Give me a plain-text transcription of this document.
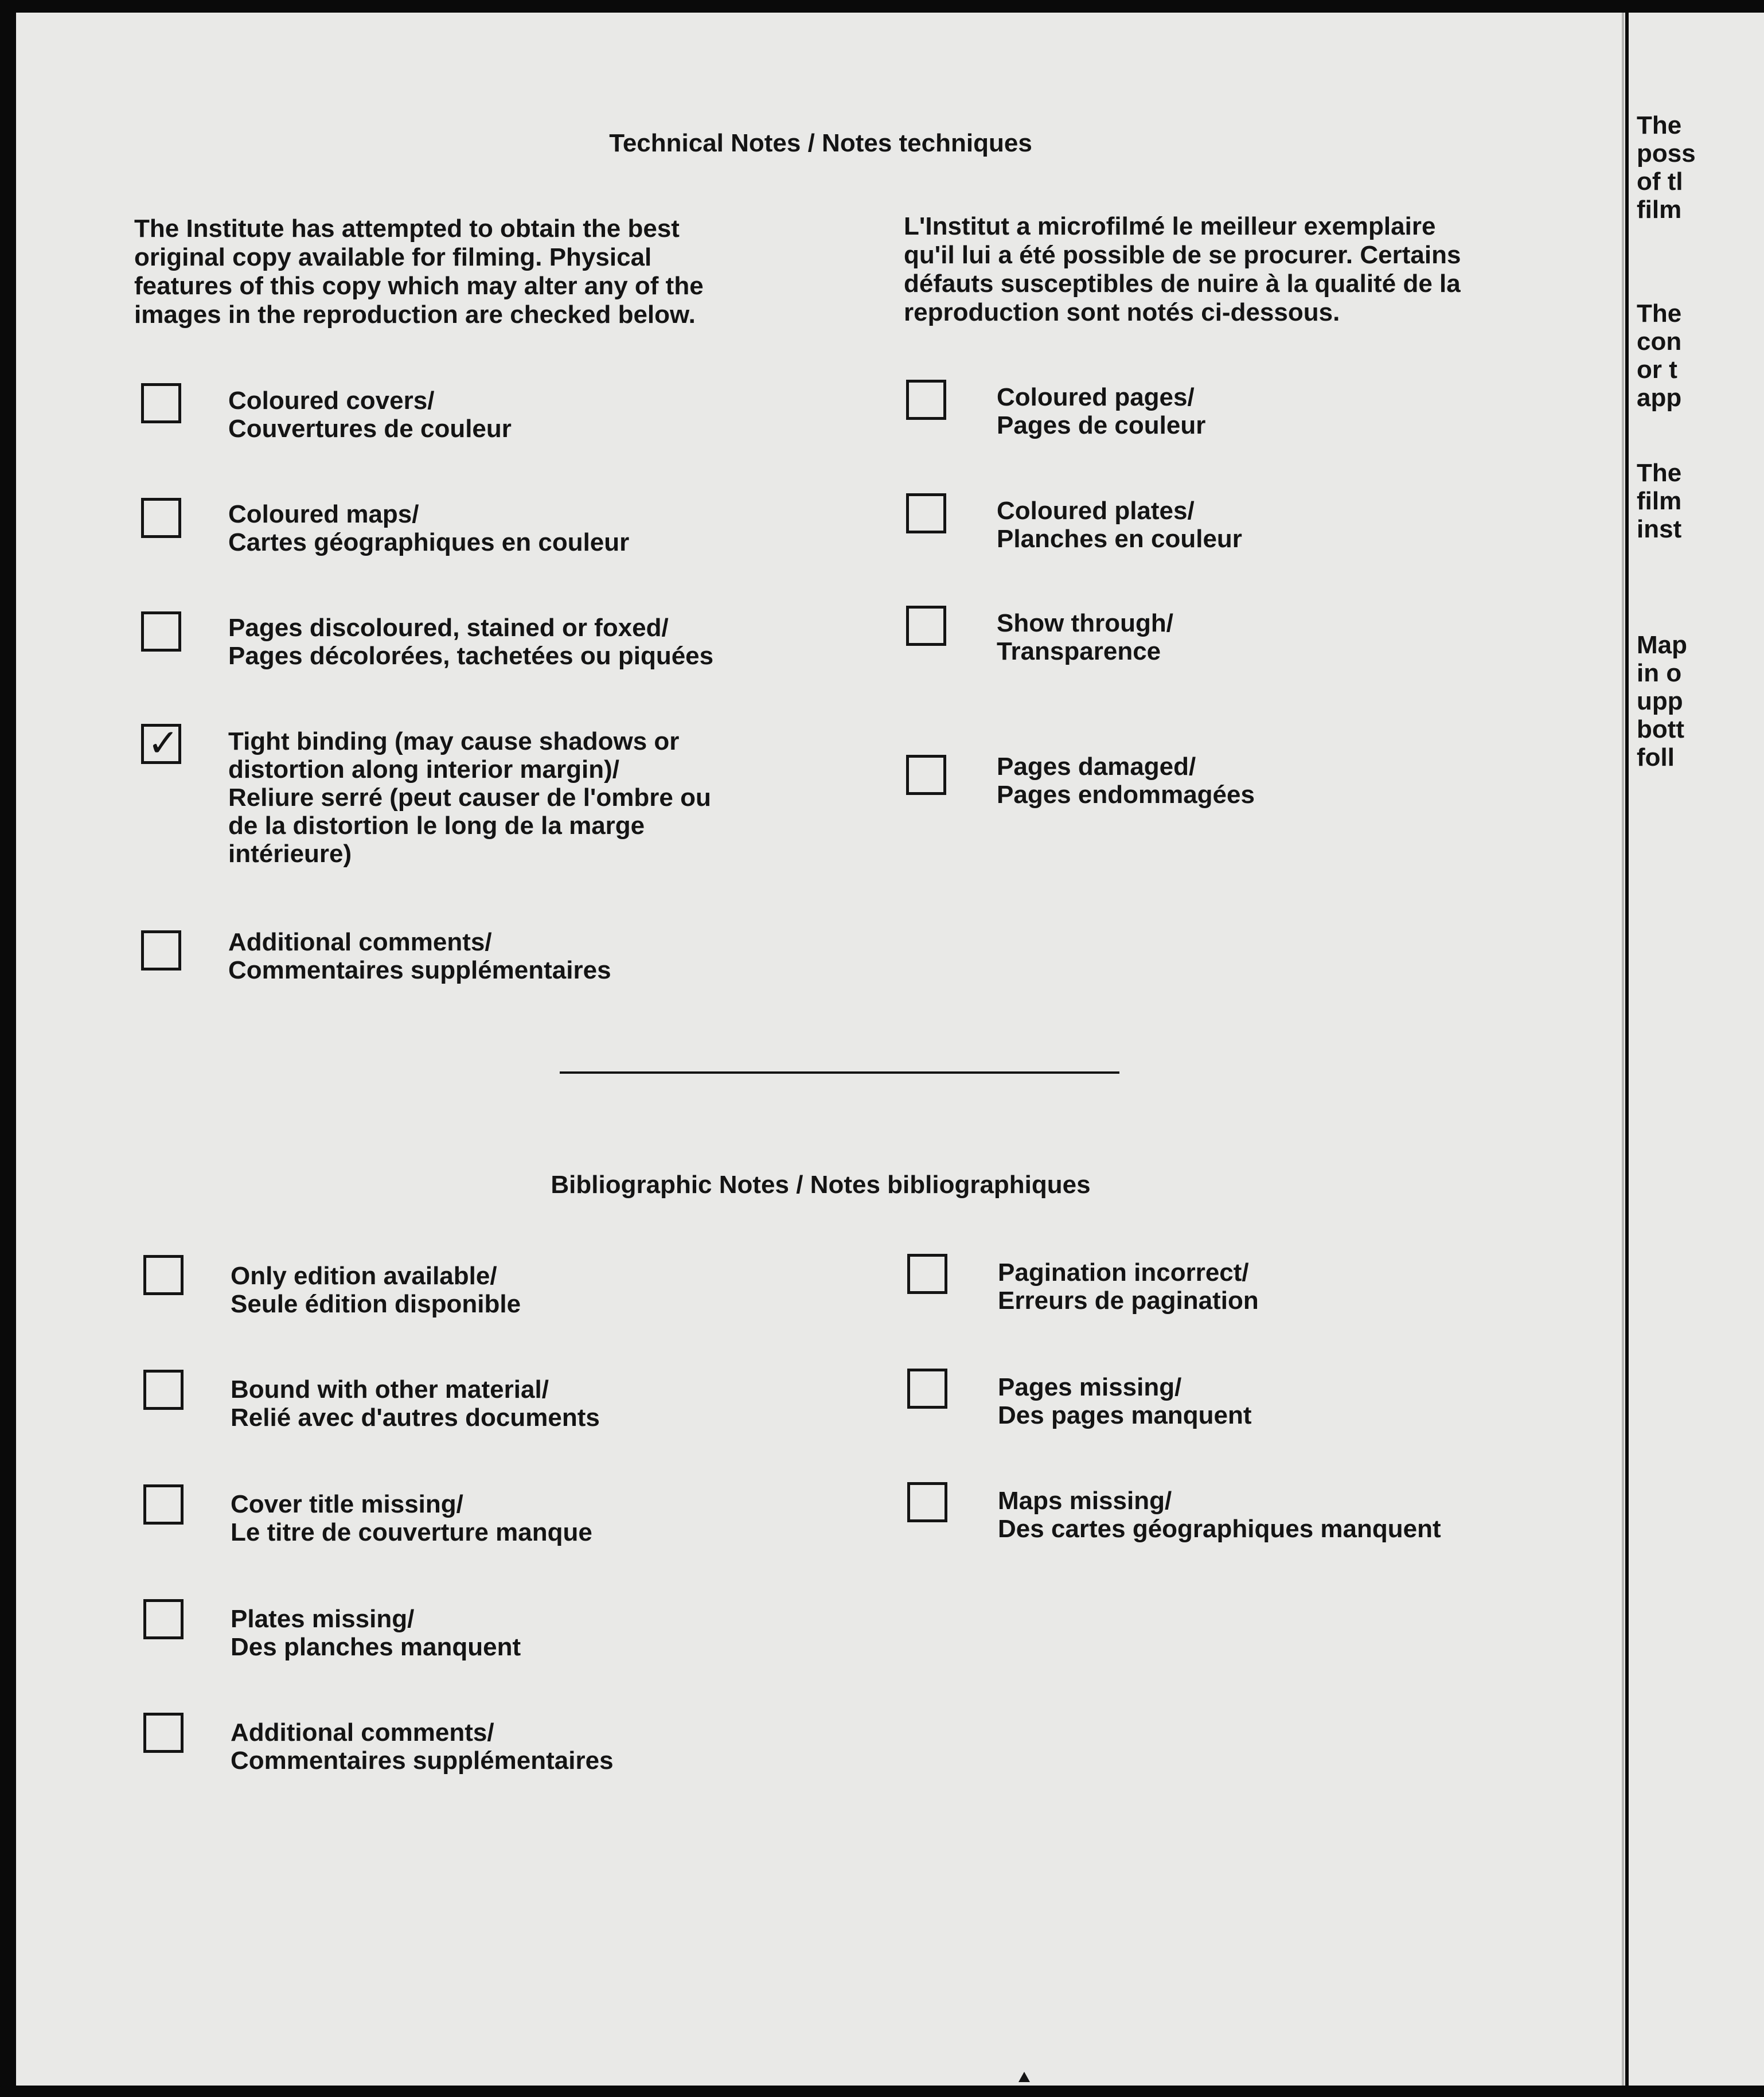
Technical Notes / Notes techniques
The Institute has attempted to obtain the best
original copy available for filming. Physical
features of this copy which may alter any of the
images in the reproduction are checked below.
L'Institut a microfilmé le meilleur exemplaire
qu'il lui a été possible de se procurer. Certains
défauts susceptibles de nuire à la qualité de la
reproduction sont notés ci-dessous.
Coloured covers/
Couvertures de couleur
Coloured maps/
Cartes géographiques en couleur
Pages discoloured, stained or foxed/
Pages décolorées, tachetées ou piquées
✓ Tight binding (may cause shadows or
distortion along interior margin)/
Reliure serré (peut causer de l'ombre ou
de la distortion le long de la marge
intérieure)
Additional comments/
Commentaires supplémentaires
Coloured pages/
Pages de couleur
Coloured plates/
Planches en couleur
Show through/
Transparence
Pages damaged/
Pages endommagées
Bibliographic Notes / Notes bibliographiques
Only edition available/
Seule édition disponible
Bound with other material/
Relié avec d'autres documents
Cover title missing/
Le titre de couverture manque
Plates missing/
Des planches manquent
Additional comments/
Commentaires supplémentaires
Pagination incorrect/
Erreurs de pagination
Pages missing/
Des pages manquent
Maps missing/
Des cartes géographiques manquent
The
poss
of tl
film
The
con
or t
app
The
film
inst
Map
in o
upp
bott
foll
